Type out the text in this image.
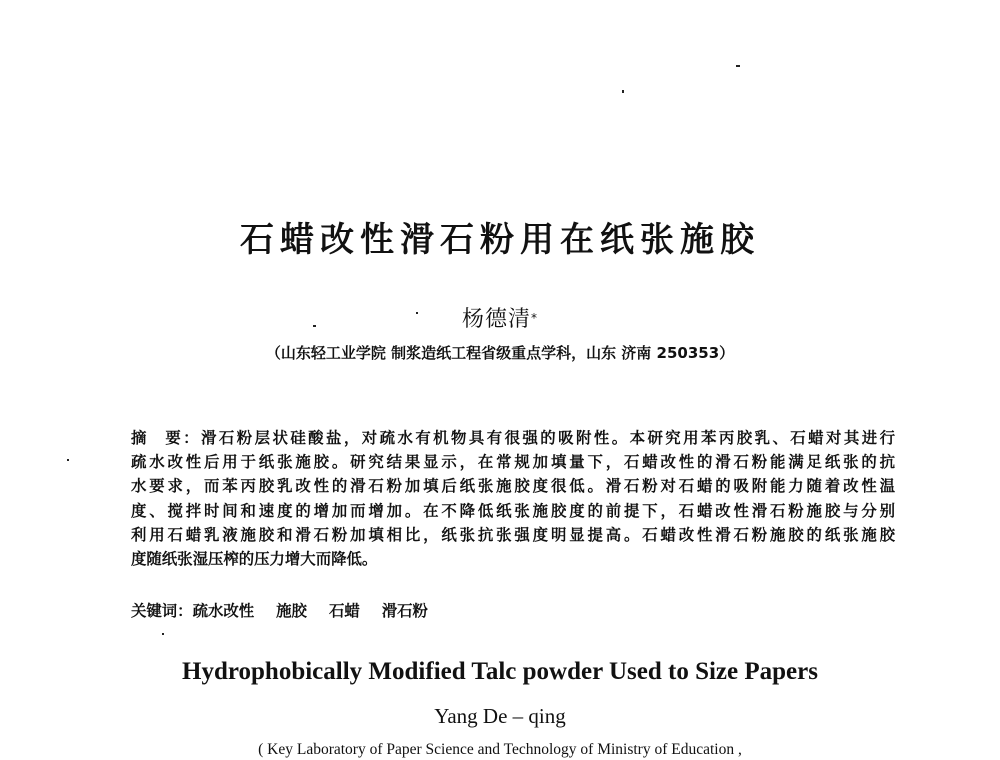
石蜡改性滑石粉用在纸张施胶
杨德清*
（山东轻工业学院 制浆造纸工程省级重点学科，山东 济南 250353）
摘 要：滑石粉层状硅酸盐，对疏水有机物具有很强的吸附性。本研究用苯丙胶乳、石蜡对其进行
疏水改性后用于纸张施胶。研究结果显示，在常规加填量下，石蜡改性的滑石粉能满足纸张的抗
水要求，而苯丙胶乳改性的滑石粉加填后纸张施胶度很低。滑石粉对石蜡的吸附能力随着改性温
度、搅拌时间和速度的增加而增加。在不降低纸张施胶度的前提下，石蜡改性滑石粉施胶与分别
利用石蜡乳液施胶和滑石粉加填相比，纸张抗张强度明显提高。石蜡改性滑石粉施胶的纸张施胶
度随纸张湿压榨的压力增大而降低。
关键词：疏水改性 施胶 石蜡 滑石粉
Hydrophobically Modified Talc powder Used to Size Papers
Yang De – qing
( Key Laboratory of Paper Science and Technology of Ministry of Education ,
